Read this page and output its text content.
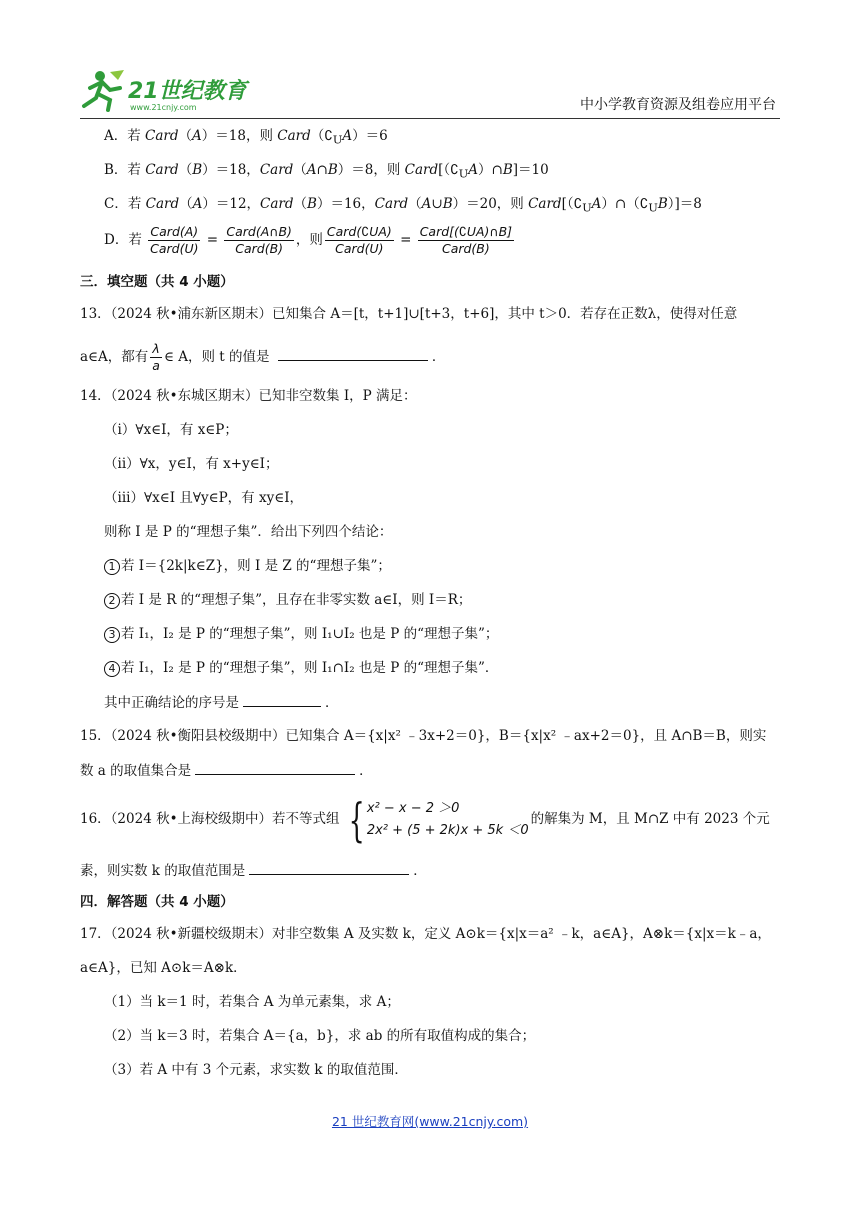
21世纪教育
www.21cnjy.com	中小学教育资源及组卷应用平台
A．若 Card（A）＝18，则 $Card(∁_UA)=6$
B．若 Card（B）＝18，Card（A∩B）＝8，则 $Card[(∁_UA)\cap B]=10$
C．若 Card（A）＝12，Card（B）＝16，Card（A∪B）＝20，则 $Card[(∁_UA)\cap(∁_UB)]=8$
D．若 $\frac{\text{Card(A)}}{\text{Card(U)}} = \frac{\text{Card(A∩B)}}{\text{Card(B)}}$ ，则 $\frac{\text{Card(∁UA)}}{\text{Card(U)}} = \frac{\text{Card[(∁UA)∩B]}}{\text{Card(B)}}$
三．填空题（共 4 小题）
13．（2024 秋•浦东新区期末）已知集合 A＝[t，t+1]∪[t+3，t+6]，其中 t＞0．若存在正数λ，使得对任意
a∈A，都有 $\frac{\lambda}{a}$ ∈ A，则 t 的值是	．
14．（2024 秋•东城区期末）已知非空数集 I，P 满足：
（i）∀x∈I，有 x∈P；
（ii）∀x，y∈I，有 x+y∈I；
（iii）∀x∈I 且∀y∈P，有 xy∈I，
则称 I 是 P 的“理想子集”．给出下列四个结论：
1 若 I＝{2k|k∈Z}，则 I 是 Z 的“理想子集”；
2 若 I 是 R 的“理想子集”，且存在非零实数 a∈I，则 I＝R；
3 若 I₁，I₂ 是 P 的“理想子集”，则 I₁∪I₂ 也是 P 的“理想子集”；
4 若 I₁，I₂ 是 P 的“理想子集”，则 I₁∩I₂ 也是 P 的“理想子集”．
其中正确结论的序号是	．
15．（2024 秋•衡阳县校级期中）已知集合 A＝{x|x² ﹣3x+2＝0}，B＝{x|x² ﹣ax+2＝0}，且 A∩B＝B，则实
数 a 的取值集合是	．
16．（2024 秋•上海校级期中）若不等式组 { x² − x − 2 ＞0
2x² + (5 + 2k)x + 5k ＜0
的解集为 M，且 M∩Z 中有 2023 个元
素，则实数 k 的取值范围是	．
四．解答题（共 4 小题）
17．（2024 秋•新疆校级期末）对非空数集 A 及实数 k，定义 A⊙k＝{x|x＝a² ﹣k，a∈A}，A⊗k＝{x|x＝k﹣a，
a∈A}，已知 A⊙k＝A⊗k．
（1）当 k＝1 时，若集合 A 为单元素集，求 A；
（2）当 k＝3 时，若集合 A＝{a，b}，求 ab 的所有取值构成的集合；
（3）若 A 中有 3 个元素，求实数 k 的取值范围．
21 世纪教育网(www.21cnjy.com)
